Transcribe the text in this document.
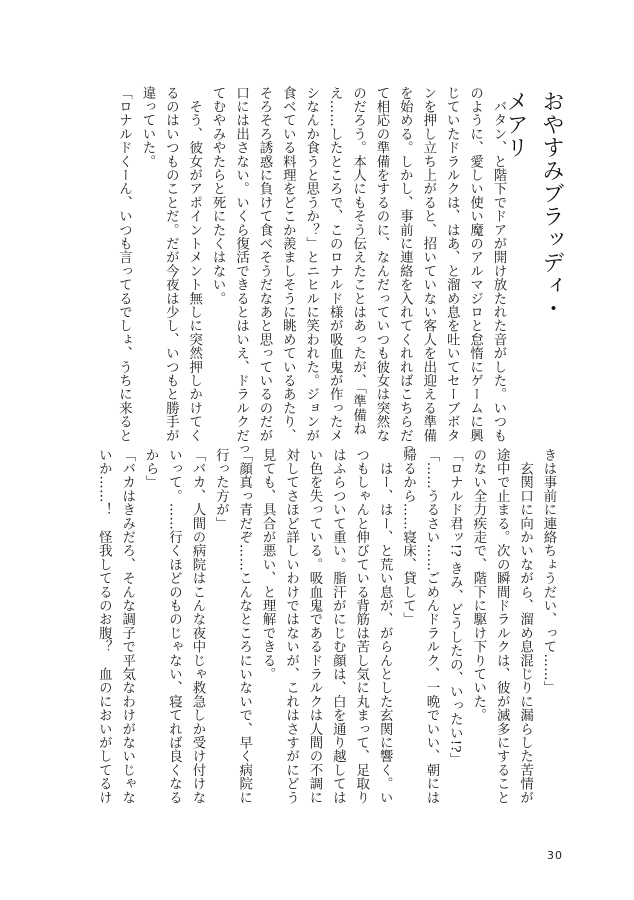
おやすみブラッディ・メアリ
　バタン、と階下でドアが開け放たれた音がした。いつも
のように、愛しい使い魔のアルマジロと怠惰にゲームに興
じていたドラルクは、はあ、と溜め息を吐いてセーブボタ
ンを押し立ち上がると、招いていない客人を出迎える準備
を始める。しかし、事前に連絡を入れてくれればこちらだっ
て相応の準備をするのに、なんだっていつも彼女は突然な
のだろう。本人にもそう伝えたことはあったが、「準備ね
え……したところで、このロナルド様が吸血鬼が作ったメ
シなんか食うと思うか？」とニヒルに笑われた。ジョンが
食べている料理をどこか羨ましそうに眺めているあたり、
そろそろ誘惑に負けて食べそうだなあと思っているのだが
口には出さない。いくら復活できるとはいえ、ドラルクだっ
てむやみやたらと死にたくはない。
　そう、彼女がアポイントメント無しに突然押しかけてく
るのはいつものことだ。だが今夜は少し、いつもと勝手が
違っていた。
「ロナルドくーん、いつも言ってるでしょ、うちに来ると
きは事前に連絡ちょうだい、って……」
　玄関口に向かいながら、溜め息混じりに漏らした苦情が
途中で止まる。次の瞬間ドラルクは、彼が滅多にすること
のない全力疾走で、階下に駆け下りていた。
「ロナルド君ッ!? きみ、どうしたの、いったい!?」
「……うるさい……ごめんドラルク、一晩でいい、朝には
帰るから……寝床、貸して」
　はー、はー、と荒い息が、がらんとした玄関に響く。い
つもしゃんと伸びている背筋は苦し気に丸まって、足取り
はふらついて重い。脂汗がにじむ顔は、白を通り越しては
い色を失っている。吸血鬼であるドラルクは人間の不調に
対してさほど詳しいわけではないが、これはさすがにどう
見ても、具合が悪い、と理解できる。
「顔真っ青だぞ……こんなところにいないで、早く病院に
行った方が」
「バカ、人間の病院はこんな夜中じゃ救急しか受け付けな
いって。……行くほどのものじゃない、寝てれば良くなる
から」
「バカはきみだろ、そんな調子で平気なわけがないじゃな
いか……！　怪我してるのお腹？　血のにおいがしてるけ
30
